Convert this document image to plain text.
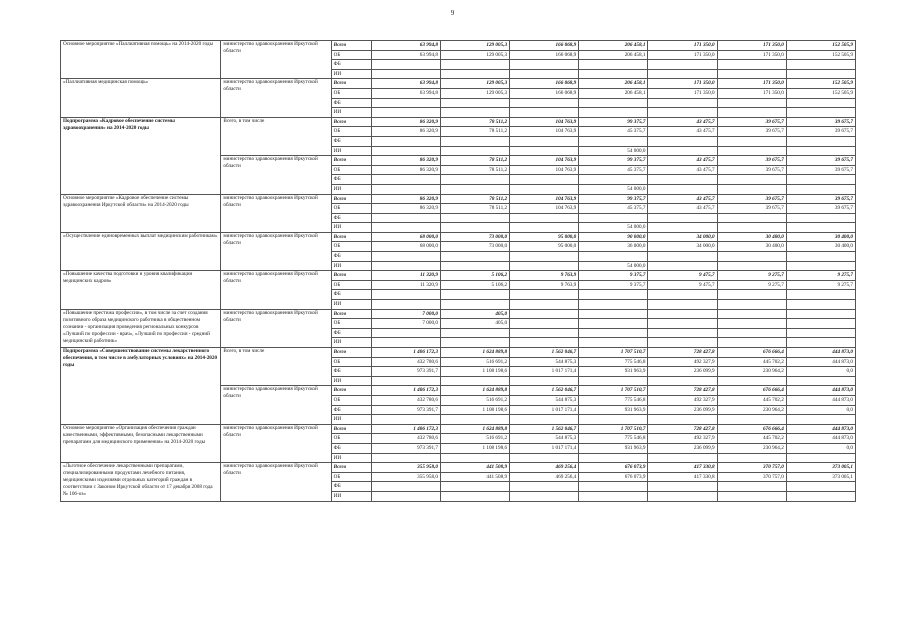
9
Основное мероприятие «Паллиативная помощь» на 2014-2020 годы	министерство здравоохранения Иркутской области	Всего	63 994,8	129 005,3	166 068,9	206 458,1	171 350,0	171 350,0	152 505,9
		ОБ	63 994,8	129 005,3	166 068,9	206 458,1	171 350,0	171 350,0	152 505,9
		ФБ							
		ИИ							
«Паллиативная медицинская помощь»	министерство здравоохранения Иркутской области	Всего	63 994,8	129 005,3	166 068,9	206 458,1	171 350,0	171 350,0	152 505,9
		ОБ	63 994,8	129 005,3	166 068,9	206 458,1	171 350,0	171 350,0	152 505,9
		ФБ							
		ИИ							
Подпрограмма «Кадровое обеспечение системы здравоохранения» на 2014-2020 годы	Всего, в том числе	Всего	86 320,9	78 511,2	104 763,9	99 375,7	43 475,7	39 675,7	39 675,7
		ОБ	86 320,9	78 511,2	104 763,9	45 375,7	43 475,7	39 675,7	39 675,7
		ФБ							
		ИИ				54 000,0			
	министерство здравоохранения Иркутской области	Всего	86 320,9	78 511,2	104 763,9	99 375,7	43 475,7	39 675,7	39 675,7
		ОБ	86 320,9	78 511,2	104 763,9	45 375,7	43 475,7	39 675,7	39 675,7
		ФБ							
		ИИ				54 000,0			
Основное мероприятие «Кадровое обеспечение системы здравоохранения Иркутской области» на 2014-2020 годы	министерство здравоохранения Иркутской области	Всего	86 320,9	78 511,2	104 763,9	99 375,7	43 475,7	39 675,7	39 675,7
		ОБ	86 320,9	78 511,2	104 763,9	45 375,7	43 475,7	39 675,7	39 675,7
		ФБ							
		ИИ				54 000,0			
«Осуществление единовременных выплат медицинским работникам»	министерство здравоохранения Иркутской области	Всего	68 000,0	73 000,0	95 000,0	90 000,0	34 000,0	30 400,0	30 400,0
		ОБ	68 000,0	73 000,0	95 000,0	36 000,0	34 000,0	30 400,0	30 400,0
		ФБ							
		ИИ				54 000,0			
«Повышение качества подготовки и уровня квалификации медицинских кадров»	министерство здравоохранения Иркутской области	Всего	11 320,9	5 106,2	9 763,9	9 375,7	9 475,7	9 275,7	9 275,7
		ОБ	11 320,9	5 106,2	9 763,9	9 375,7	9 475,7	9 275,7	9 275,7
		ФБ							
		ИИ							
«Повышение престижа профессии», в том числе за счет создания позитивного образа медицинского работника в общественном сознании - организация проведения региональных конкурсов «Лучший по профессии - врач», «Лучший по профессии - средний медицинский работник»	министерство здравоохранения Иркутской области	Всего	7 000,0	405,0					
		ОБ	7 000,0	405,0					
		ФБ							
		ИИ							
Подпрограмма «Совершенствование системы лекарственного обеспечения, в том числе в амбулаторных условиях» на 2014-2020 годы	Всего, в том числе	Всего	1 406 172,3	1 624 889,8	1 562 046,7	1 707 510,7	728 427,8	676 666,4	444 873,0
		ОБ	432 780,6	516 691,2	544 875,3	775 546,8	492 327,9	445 702,2	444 873,0
		ФБ	973 391,7	1 108 198,6	1 017 171,4	931 963,9	236 099,9	230 964,2	0,0
		ИИ							
	министерство здравоохранения Иркутской области	Всего	1 406 172,3	1 624 889,8	1 562 046,7	1 707 510,7	728 427,8	676 666,4	444 873,0
		ОБ	432 780,6	516 691,2	544 875,3	775 546,8	492 327,9	445 702,2	444 873,0
		ФБ	973 391,7	1 108 198,6	1 017 171,4	931 963,9	236 099,9	230 964,2	0,0
		ИИ							
Основное мероприятие «Организация обеспечения граждан качественными, эффективными, безопасными лекарственными препаратами для медицинского применения» на 2014-2020 годы	министерство здравоохранения Иркутской области	Всего	1 406 172,3	1 624 889,8	1 562 046,7	1 707 510,7	728 427,8	676 666,4	444 873,0
		ОБ	432 780,6	516 691,2	544 875,3	775 546,8	492 327,9	445 702,2	444 873,0
		ФБ	973 391,7	1 108 198,6	1 017 171,4	931 963,9	236 099,9	230 964,2	0,0
		ИИ							
«Льготное обеспечение лекарственными препаратами, специализированными продуктами лечебного питания, медицинскими изделиями отдельных категорий граждан в соответствии с Законом Иркутской области от 17 декабря 2008 года № 106-оз»	министерство здравоохранения Иркутской области	Всего	355 958,0	441 508,9	469 256,4	676 073,9	417 330,8	370 757,0	373 005,1
		ОБ	355 958,0	441 508,9	469 256,4	676 073,9	417 330,8	370 757,0	373 005,1
		ФБ							
		ИИ							
